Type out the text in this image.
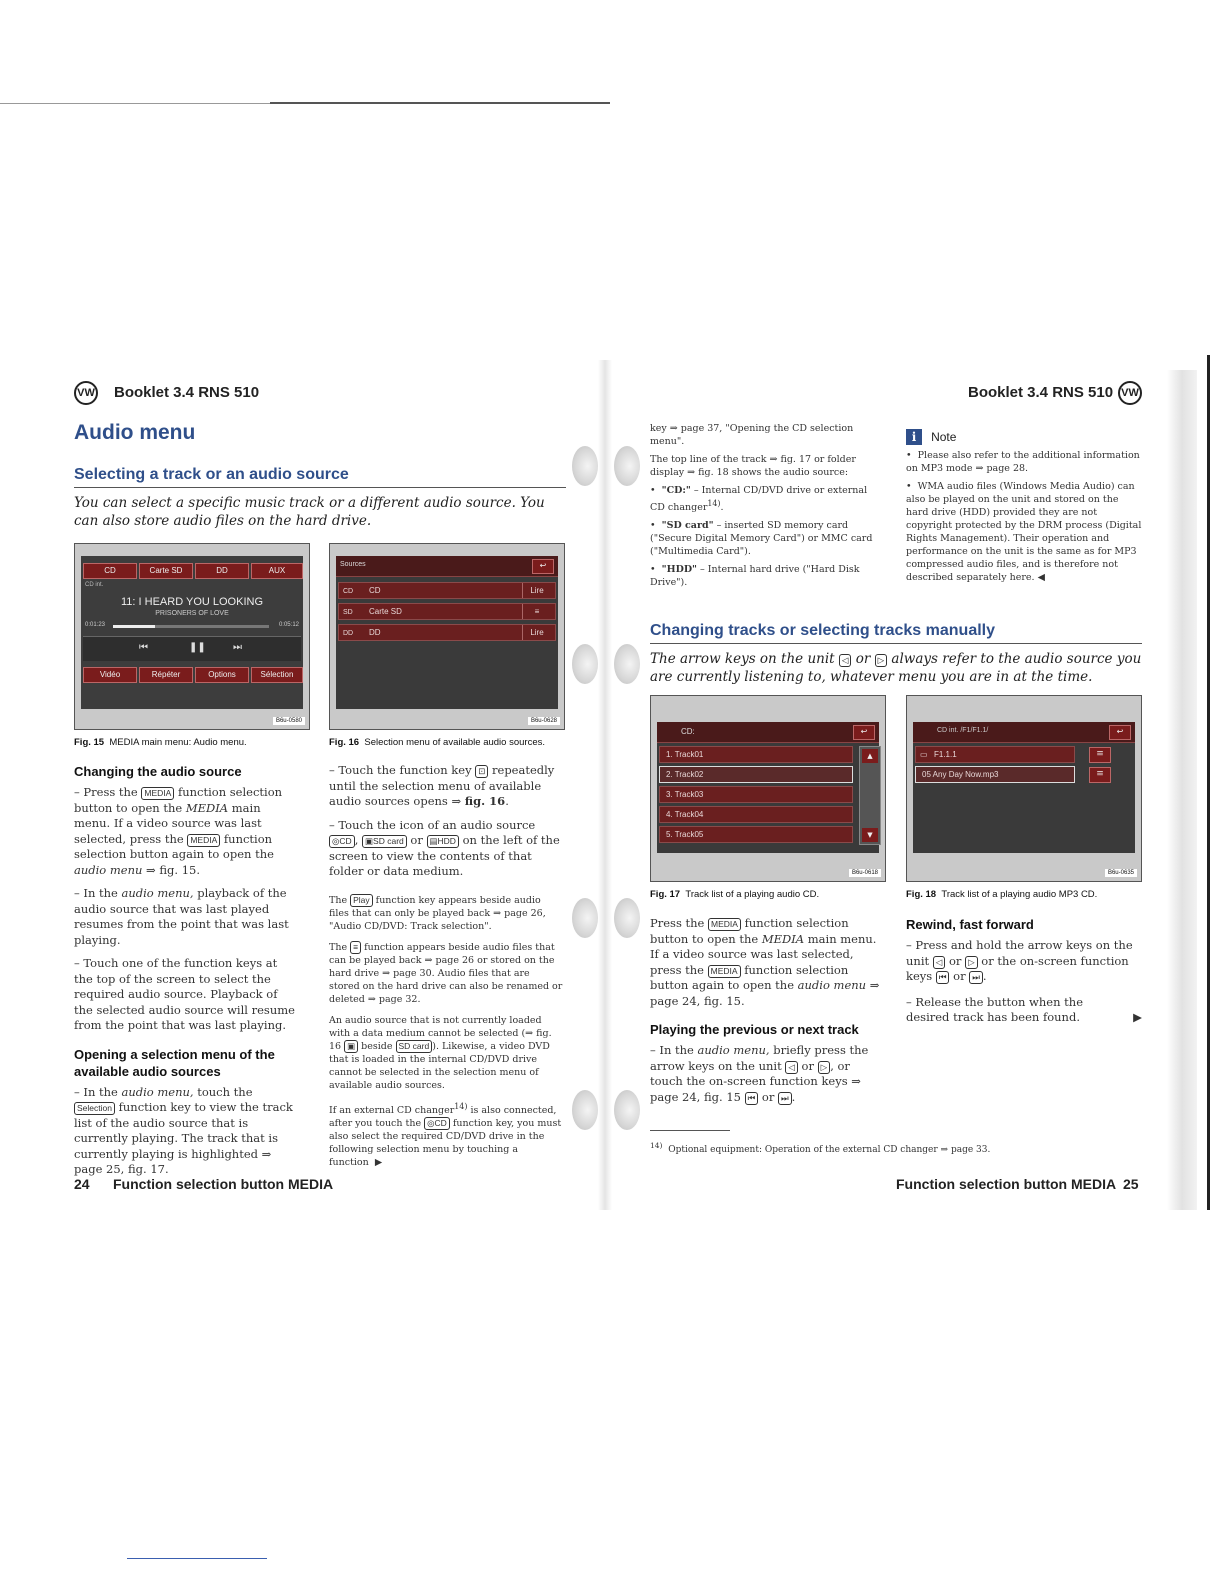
VW Booklet 3.4 RNS 510
Audio menu
Selecting a track or an audio source
You can select a specific music track or a different audio source. You can also store audio files on the hard drive.
CD	Carte SD	DD	AUX
CD int.
11: I HEARD YOU LOOKING
PRISONERS OF LOVE
0:01:23	0:05:12
⏮	❚❚	⏭
Vidéo	Répéter	Options	Sélection
B6u-0580
Fig. 15 MEDIA main menu: Audio menu.
Sources	↩
CD CD	Lire
SD Carte SD	≡
DD DD	Lire
B6u-0628
Fig. 16 Selection menu of available audio sources.
Changing the audio source

– Press the MEDIA function selection button to open the MEDIA main menu. If a video source was last selected, press the MEDIA function selection button again to open the audio menu ⇒ fig. 15.

– In the audio menu, playback of the audio source that was last played resumes from the point that was last playing.

– Touch one of the function keys at the top of the screen to select the required audio source. Playback of the selected audio source will resume from the point that was last playing.

Opening a selection menu of the available audio sources

– In the audio menu, touch the Selection function key to view the track list of the audio source that is currently playing. The track that is currently playing is highlighted ⇒ page 25, fig. 17.

– Touch the function key ⊡ repeatedly until the selection menu of available audio sources opens ⇒ fig. 16.

– Touch the icon of an audio source ◎CD , ▣SD card or ▤HDD on the left of the screen to view the contents of that folder or data medium.

The Play function key appears beside audio files that can only be played back ⇒ page 26, "Audio CD/DVD: Track selection".

The ≡ function appears beside audio files that can be played back ⇒ page 26 or stored on the hard drive ⇒ page 30. Audio files that are stored on the hard drive can also be renamed or deleted ⇒ page 32.

An audio source that is not currently loaded with a data medium cannot be selected (⇒ fig. 16 ▣ beside SD card ). Likewise, a video DVD that is loaded in the internal CD/DVD drive cannot be selected in the selection menu of available audio sources.

If an external CD changer$^{14)}$ is also connected, after you touch the ◎CD function key, you must also select the required CD/DVD drive in the following selection menu by touching a function ▶

24 Function selection button MEDIA
Booklet 3.4 RNS 510 VW

key ⇒ page 37, "Opening the CD selection menu".

The top line of the track ⇒ fig. 17 or folder display ⇒ fig. 18 shows the audio source:

•  "CD:" – Internal CD/DVD drive or external CD changer$^{14)}$.

•  "SD card" – inserted SD memory card ("Secure Digital Memory Card") or MMC card ("Multimedia Card").

•  "HDD" – Internal hard drive ("Hard Disk Drive").

i Note

•  Please also refer to the additional information on MP3 mode ⇒ page 28.

•  WMA audio files (Windows Media Audio) can also be played on the unit and stored on the hard drive (HDD) provided they are not copyright protected by the DRM process (Digital Rights Management). Their operation and performance on the unit is the same as for MP3 compressed audio files, and is therefore not described separately here. ◀

Changing tracks or selecting tracks manually
The arrow keys on the unit ◁ or ▷ always refer to the audio source you are currently listening to, whatever menu you are in at the time.
CD:	↩
1. Track01
2. Track02
3. Track03
4. Track04
5. Track05
▲
▼
B6u-0618
Fig. 17 Track list of a playing audio CD.
CD int. /F1/F1.1/	↩
▭ F1.1.1
05 Any Day Now.mp3
≡
≡
B6u-0635
Fig. 18 Track list of a playing audio MP3 CD.

Press the MEDIA function selection button to open the MEDIA main menu. If a video source was last selected, press the MEDIA function selection button again to open the audio menu ⇒ page 24, fig. 15.

Playing the previous or next track

– In the audio menu, briefly press the arrow keys on the unit ◁ or ▷ , or touch the on-screen function keys ⇒ page 24, fig. 15 ⏮ or ⏭ .

Rewind, fast forward

– Press and hold the arrow keys on the unit ◁ or ▷ or the on-screen function keys ⏮ or ⏭ .

– Release the button when the desired track has been found.	▶

$^{14)}$ Optional equipment: Operation of the external CD changer ⇒ page 33.
Function selection button MEDIA 25
